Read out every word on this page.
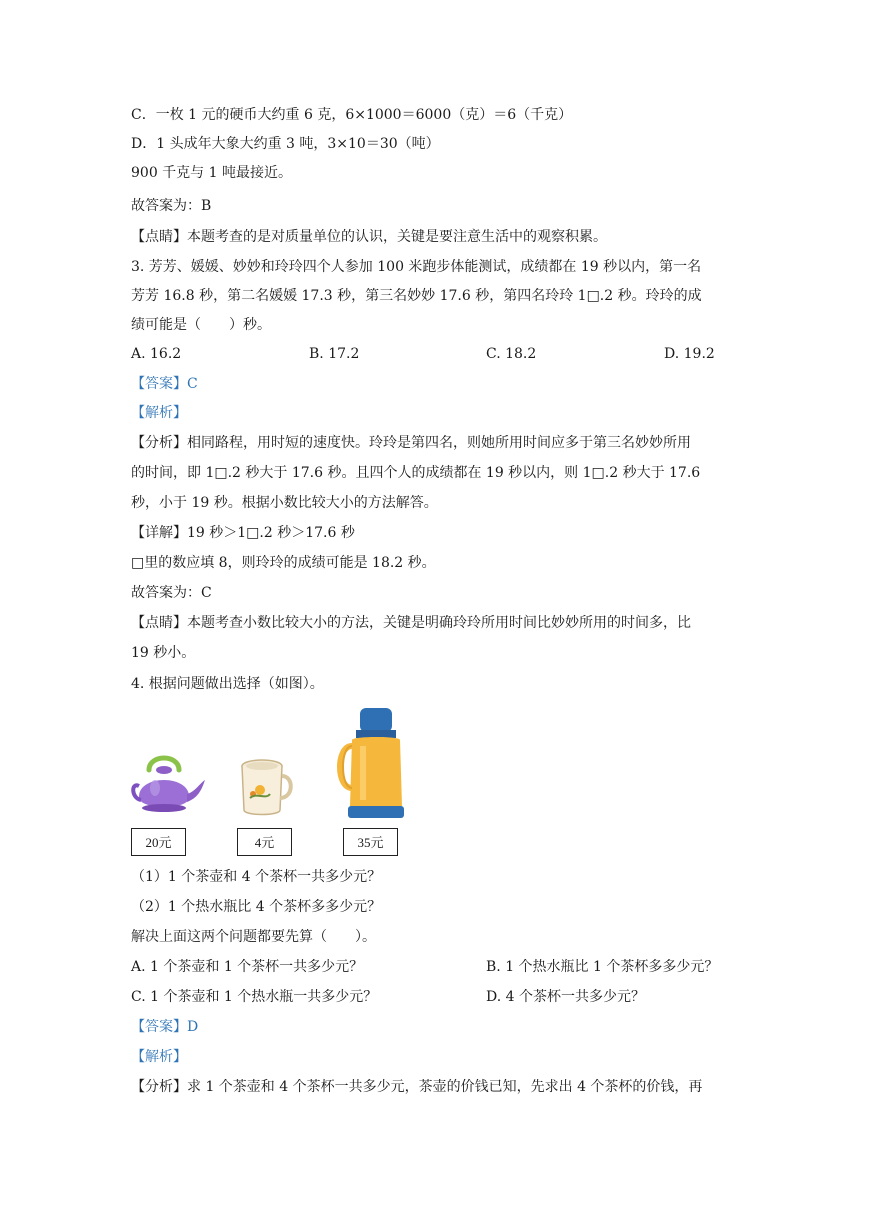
C．一枚 1 元的硬币大约重 6 克，6×1000＝6000（克）＝6（千克）
D．1 头成年大象大约重 3 吨，3×10＝30（吨）
900 千克与 1 吨最接近。
故答案为：B
【点睛】本题考查的是对质量单位的认识，关键是要注意生活中的观察积累。
3. 芳芳、媛媛、妙妙和玲玲四个人参加 100 米跑步体能测试，成绩都在 19 秒以内，第一名
芳芳 16.8 秒，第二名媛媛 17.3 秒，第三名妙妙 17.6 秒，第四名玲玲 1□.2 秒。玲玲的成
绩可能是（　　）秒。
A. 16.2	B. 17.2	C. 18.2	D. 19.2
【答案】C
【解析】
【分析】相同路程，用时短的速度快。玲玲是第四名，则她所用时间应多于第三名妙妙所用
的时间，即 1□.2 秒大于 17.6 秒。且四个人的成绩都在 19 秒以内，则 1□.2 秒大于 17.6
秒，小于 19 秒。根据小数比较大小的方法解答。
【详解】19 秒＞1□.2 秒＞17.6 秒
□里的数应填 8，则玲玲的成绩可能是 18.2 秒。
故答案为：C
【点睛】本题考查小数比较大小的方法，关键是明确玲玲所用时间比妙妙所用的时间多，比
19 秒小。
4. 根据问题做出选择（如图）。
20元	4元	35元
（1）1 个茶壶和 4 个茶杯一共多少元？
（2）1 个热水瓶比 4 个茶杯多多少元？
解决上面这两个问题都要先算（　　）。
A. 1 个茶壶和 1 个茶杯一共多少元？	B. 1 个热水瓶比 1 个茶杯多多少元？
C. 1 个茶壶和 1 个热水瓶一共多少元？	D. 4 个茶杯一共多少元？
【答案】D
【解析】
【分析】求 1 个茶壶和 4 个茶杯一共多少元，茶壶的价钱已知，先求出 4 个茶杯的价钱，再
